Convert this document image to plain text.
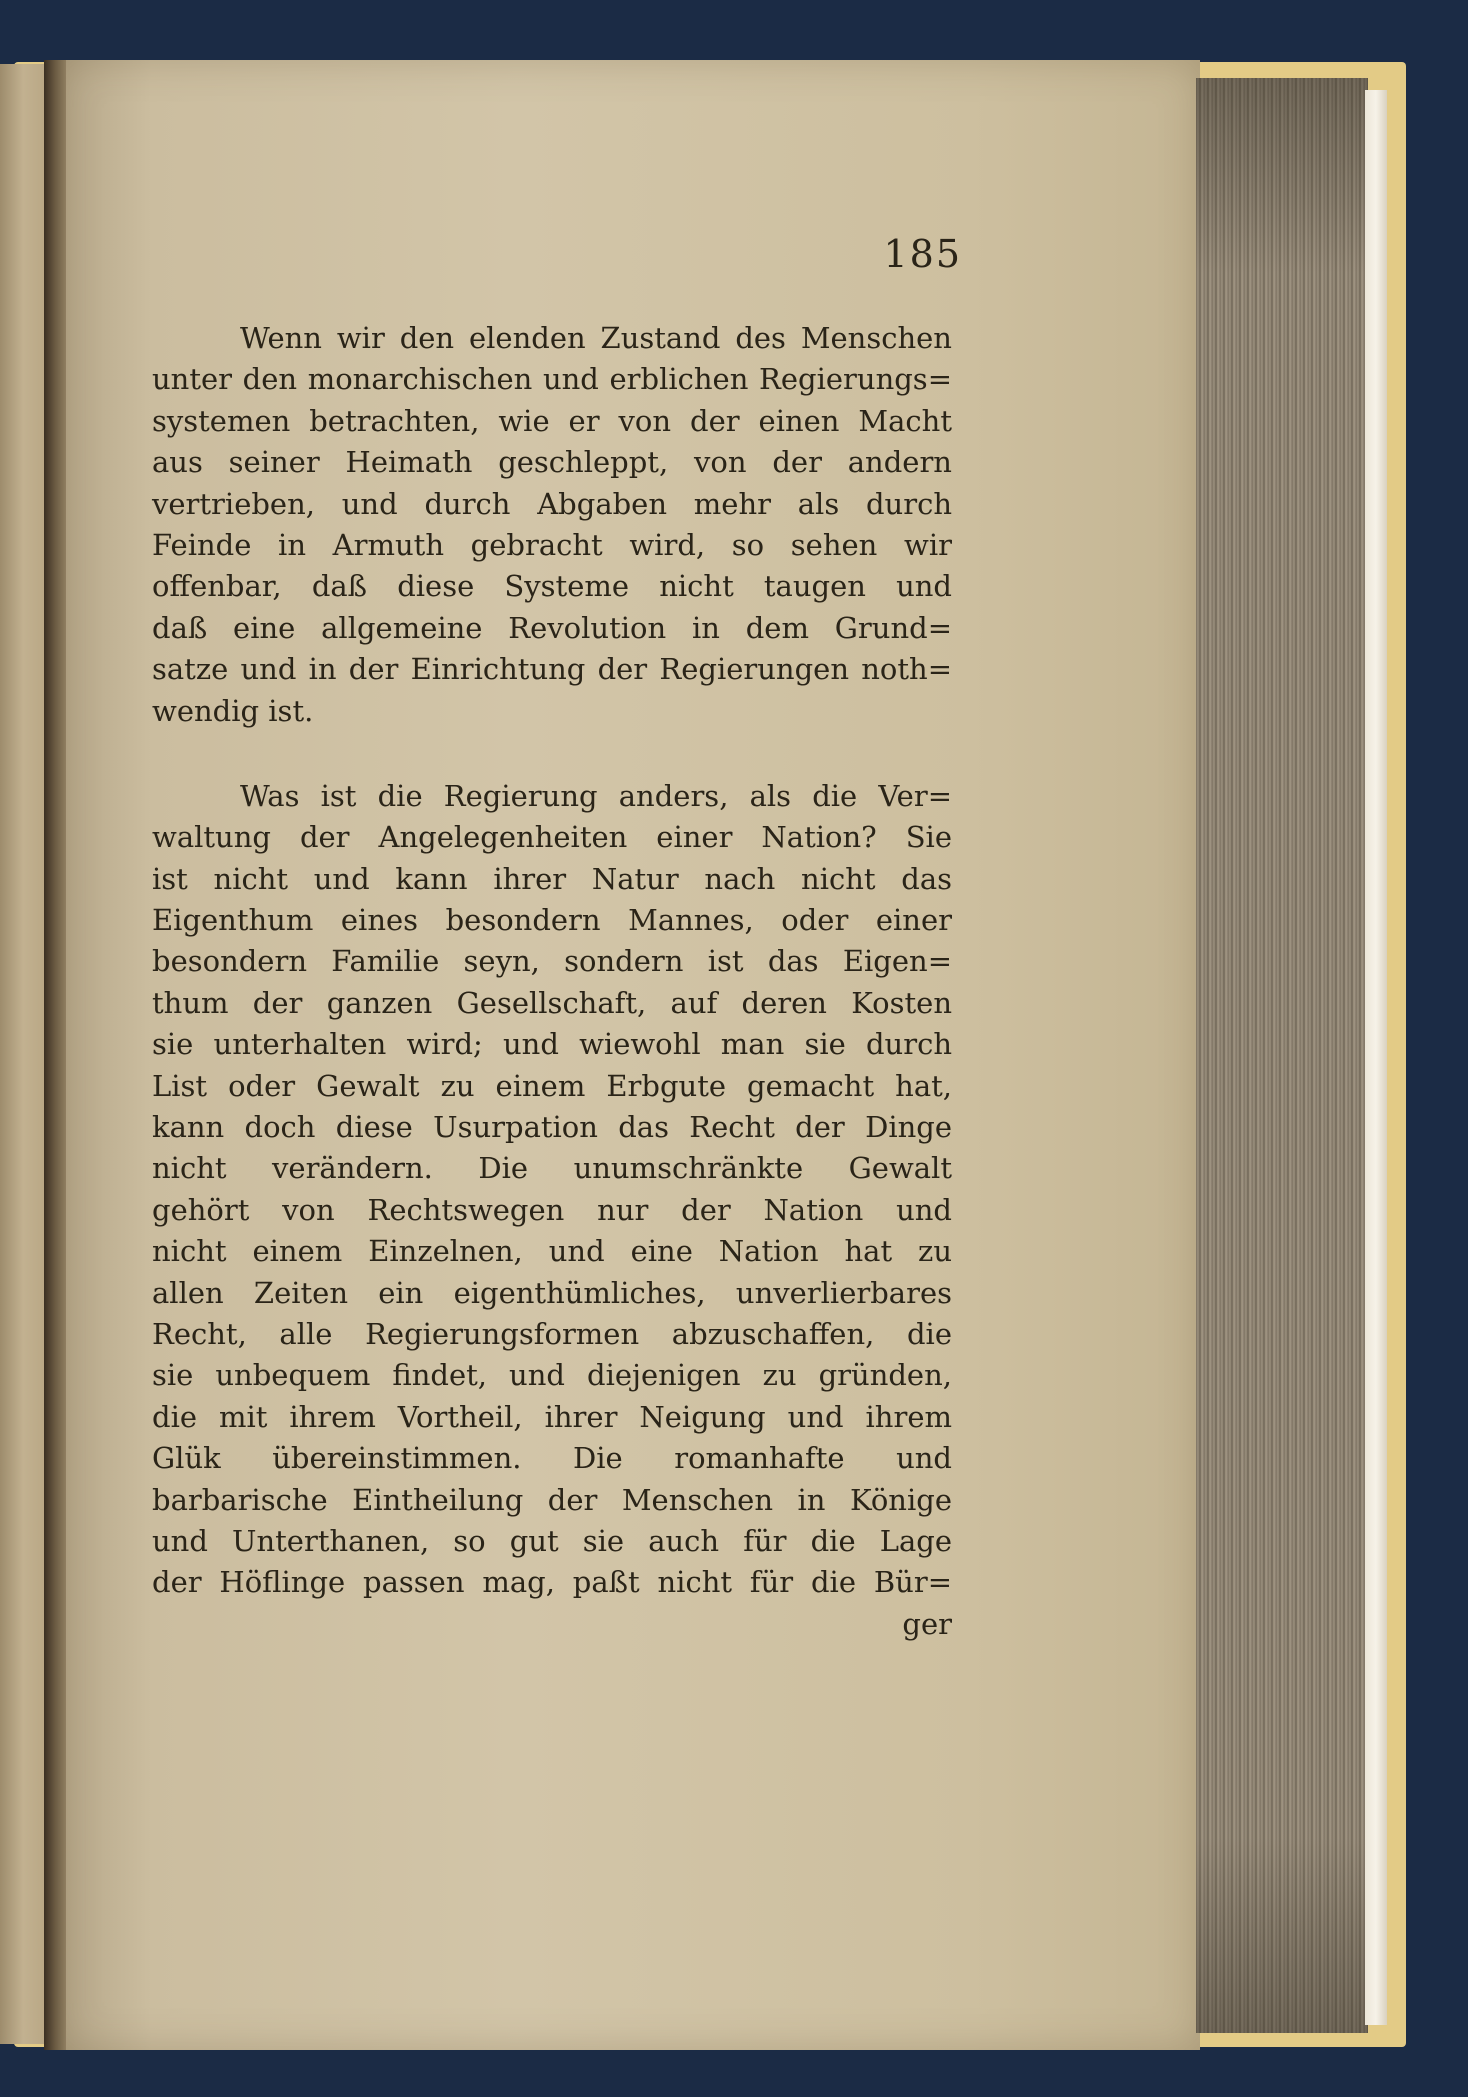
185
Wenn wir den elenden Zustand des Menschen
unter den monarchischen und erblichen Regierungs=
systemen betrachten, wie er von der einen Macht
aus seiner Heimath geschleppt, von der andern
vertrieben, und durch Abgaben mehr als durch
Feinde in Armuth gebracht wird, so sehen wir
offenbar, daß diese Systeme nicht taugen und
daß eine allgemeine Revolution in dem Grund=
satze und in der Einrichtung der Regierungen noth=
wendig ist.
Was ist die Regierung anders, als die Ver=
waltung der Angelegenheiten einer Nation? Sie
ist nicht und kann ihrer Natur nach nicht das
Eigenthum eines besondern Mannes, oder einer
besondern Familie seyn, sondern ist das Eigen=
thum der ganzen Gesellschaft, auf deren Kosten
sie unterhalten wird; und wiewohl man sie durch
List oder Gewalt zu einem Erbgute gemacht hat,
kann doch diese Usurpation das Recht der Dinge
nicht verändern. Die unumschränkte Gewalt
gehört von Rechtswegen nur der Nation und
nicht einem Einzelnen, und eine Nation hat zu
allen Zeiten ein eigenthümliches, unverlierbares
Recht, alle Regierungsformen abzuschaffen, die
sie unbequem findet, und diejenigen zu gründen,
die mit ihrem Vortheil, ihrer Neigung und ihrem
Glük übereinstimmen. Die romanhafte und
barbarische Eintheilung der Menschen in Könige
und Unterthanen, so gut sie auch für die Lage
der Höflinge passen mag, paßt nicht für die Bür=
ger
